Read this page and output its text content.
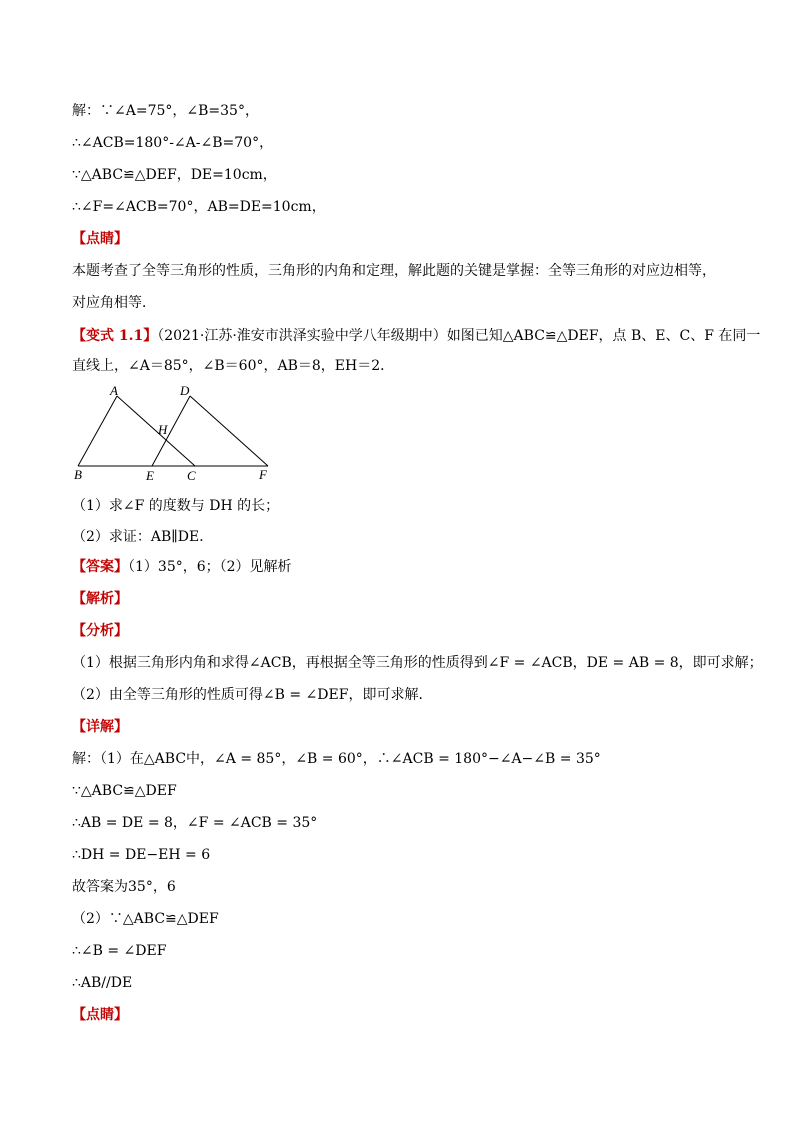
解：∵∠A=75°，∠B=35°，
∴∠ACB=180°-∠A-∠B=70°，
∵△ABC≌△DEF，DE=10cm，
∴∠F=∠ACB=70°，AB=DE=10cm，
【点睛】
本题考查了全等三角形的性质，三角形的内角和定理，解此题的关键是掌握：全等三角形的对应边相等，
对应角相等．
【变式 1.1】（2021·江苏·淮安市洪泽实验中学八年级期中）如图已知△ABC≌△DEF，点 B、E、C、F 在同一
直线上，∠A＝85°，∠B＝60°，AB＝8，EH＝2．
A	D
H
B	E	C	F
（1）求∠F 的度数与 DH 的长；
（2）求证：AB∥DE．
【答案】（1）35°，6；（2）见解析
【解析】
【分析】
（1）根据三角形内角和求得∠ACB，再根据全等三角形的性质得到∠F = ∠ACB，DE = AB = 8，即可求解；
（2）由全等三角形的性质可得∠B = ∠DEF，即可求解．
【详解】
解：（1）在△ABC中，∠A = 85°，∠B = 60°，∴∠ACB = 180°−∠A−∠B = 35°
∵△ABC≌△DEF
∴AB = DE = 8，∠F = ∠ACB = 35°
∴DH = DE−EH = 6
故答案为35°，6
（2）∵△ABC≌△DEF
∴∠B = ∠DEF
∴AB//DE
【点睛】
